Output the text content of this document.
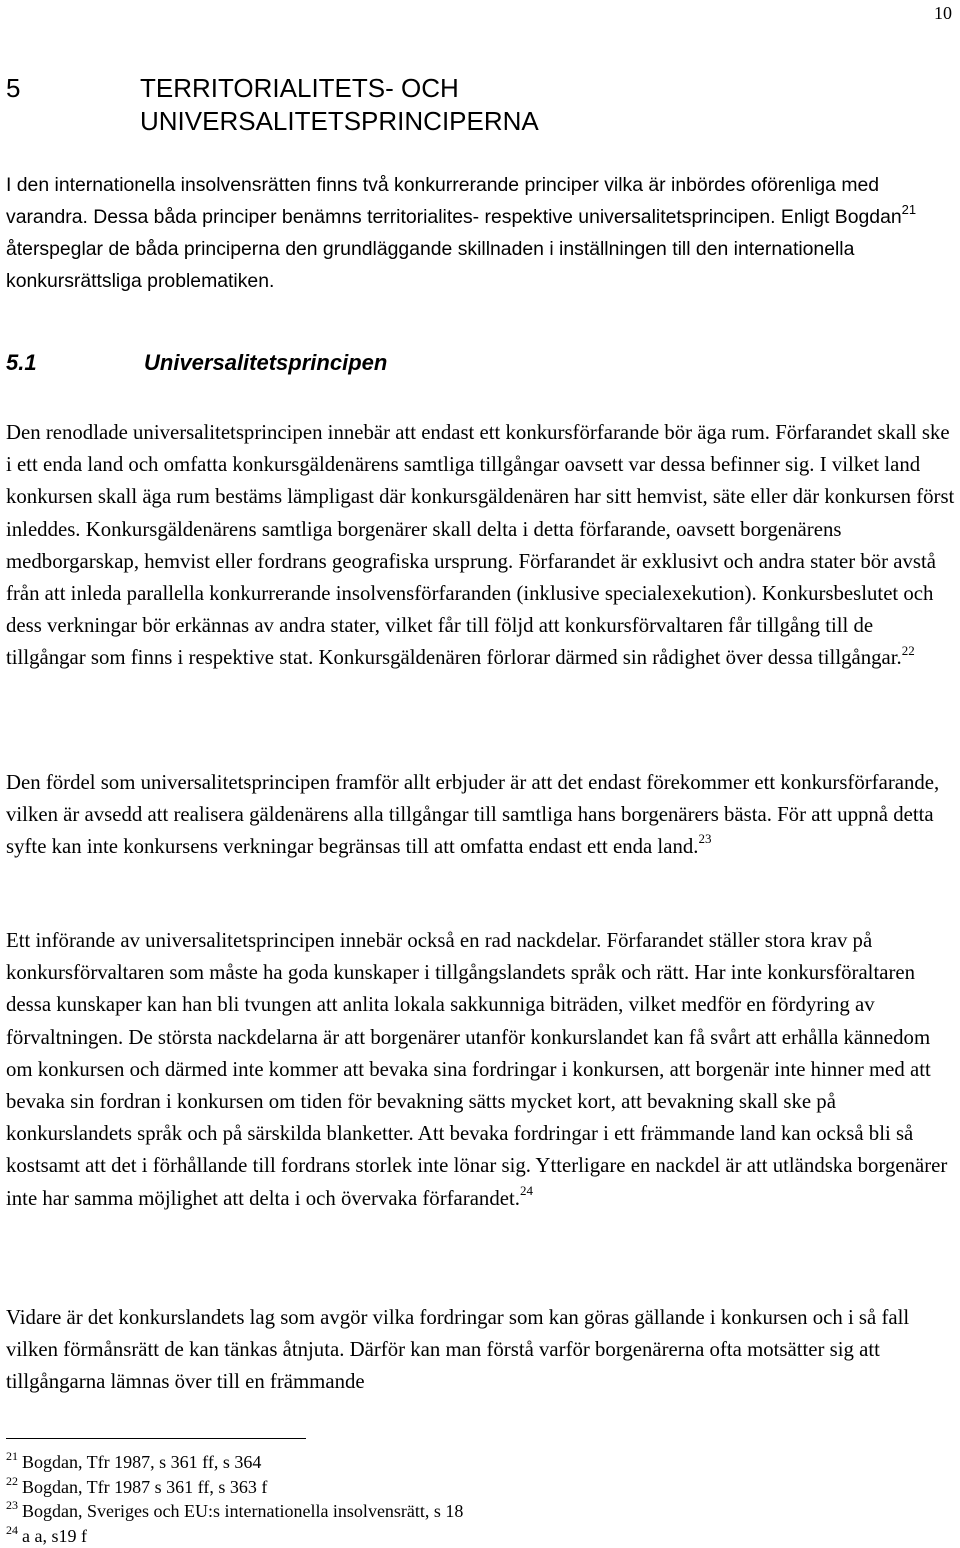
10
5	TERRITORIALITETS- OCH UNIVERSALITETSPRINCIPERNA

I den internationella insolvensrätten finns två konkurrerande principer vilka är inbördes oförenliga med varandra. Dessa båda principer benämns territorialites- respektive universalitetsprincipen. Enligt Bogdan$^{21}$ återspeglar de båda principerna den grundläggande skillnaden i inställningen till den internationella konkursrättsliga problematiken.

5.1	Universalitetsprincipen

Den renodlade universalitetsprincipen innebär att endast ett konkursförfarande bör äga rum. Förfarandet skall ske i ett enda land och omfatta konkursgäldenärens samtliga tillgångar oavsett var dessa befinner sig. I vilket land konkursen skall äga rum bestäms lämpligast där konkursgäldenären har sitt hemvist, säte eller där konkursen först inleddes. Konkursgäldenärens samtliga borgenärer skall delta i detta förfarande, oavsett borgenärens medborgarskap, hemvist eller fordrans geografiska ursprung. Förfarandet är exklusivt och andra stater bör avstå från att inleda parallella konkurrerande insolvensförfaranden (inklusive specialexekution). Konkursbeslutet och dess verkningar bör erkännas av andra stater, vilket får till följd att konkursförvaltaren får tillgång till de tillgångar som finns i respektive stat. Konkursgäldenären förlorar därmed sin rådighet över dessa tillgångar.$^{22}$

Den fördel som universalitetsprincipen framför allt erbjuder är att det endast förekommer ett konkursförfarande, vilken är avsedd att realisera gäldenärens alla tillgångar till samtliga hans borgenärers bästa. För att uppnå detta syfte kan inte konkursens verkningar begränsas till att omfatta endast ett enda land.$^{23}$

Ett införande av universalitetsprincipen innebär också en rad nackdelar. Förfarandet ställer stora krav på konkursförvaltaren som måste ha goda kunskaper i tillgångslandets språk och rätt. Har inte konkursföraltaren dessa kunskaper kan han bli tvungen att anlita lokala sakkunniga biträden, vilket medför en fördyring av förvaltningen. De största nackdelarna är att borgenärer utanför konkurslandet kan få svårt att erhålla kännedom om konkursen och därmed inte kommer att bevaka sina fordringar i konkursen, att borgenär inte hinner med att bevaka sin fordran i konkursen om tiden för bevakning sätts mycket kort, att bevakning skall ske på konkurslandets språk och på särskilda blanketter. Att bevaka fordringar i ett främmande land kan också bli så kostsamt att det i förhållande till fordrans storlek inte lönar sig. Ytterligare en nackdel är att utländska borgenärer inte har samma möjlighet att delta i och övervaka förfarandet.$^{24}$

Vidare är det konkurslandets lag som avgör vilka fordringar som kan göras gällande i konkursen och i så fall vilken förmånsrätt de kan tänkas åtnjuta. Därför kan man förstå varför borgenärerna ofta motsätter sig att tillgångarna lämnas över till en främmande

21 Bogdan, Tfr 1987, s 361 ff, s 364
22 Bogdan, Tfr 1987 s 361 ff, s 363 f
23 Bogdan, Sveriges och EU:s internationella insolvensrätt, s 18
24 a a, s19 f
